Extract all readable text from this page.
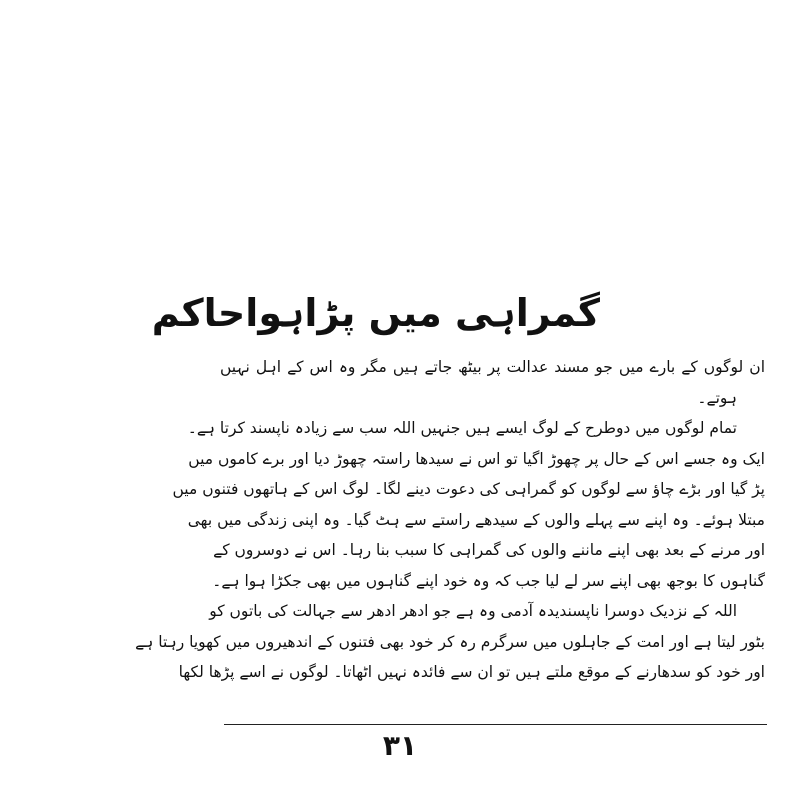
گمراہی میں پڑاہواحاکم
ان لوگوں کے بارے میں جو مسند عدالت پر بیٹھ جاتے ہیں مگر وہ اس کے اہل نہیں
ہوتے۔
تمام لوگوں میں دوطرح کے لوگ ایسے ہیں جنہیں اللہ سب سے زیادہ ناپسند کرتا ہے۔
ایک وہ جسے اس کے حال پر چھوڑ اگیا تو اس نے سیدھا راستہ چھوڑ دیا اور برے کاموں میں
پڑ گیا اور بڑے چاؤ سے لوگوں کو گمراہی کی دعوت دینے لگا۔ لوگ اس کے ہاتھوں فتنوں میں
مبتلا ہوئے۔ وہ اپنے سے پہلے والوں کے سیدھے راستے سے ہٹ گیا۔ وہ اپنی زندگی میں بھی
اور مرنے کے بعد بھی اپنے ماننے والوں کی گمراہی کا سبب بنا رہا۔ اس نے دوسروں کے
گناہوں کا بوجھ بھی اپنے سر لے لیا جب کہ وہ خود اپنے گناہوں میں بھی جکڑا ہوا ہے۔
اللہ کے نزدیک دوسرا ناپسندیدہ آدمی وہ ہے جو ادھر ادھر سے جہالت کی باتوں کو
بٹور لیتا ہے اور امت کے جاہلوں میں سرگرم رہ کر خود بھی فتنوں کے اندھیروں میں کھویا رہتا ہے
اور خود کو سدھارنے کے موقع ملتے ہیں تو ان سے فائدہ نہیں اٹھاتا۔ لوگوں نے اسے پڑھا لکھا
۳۱
